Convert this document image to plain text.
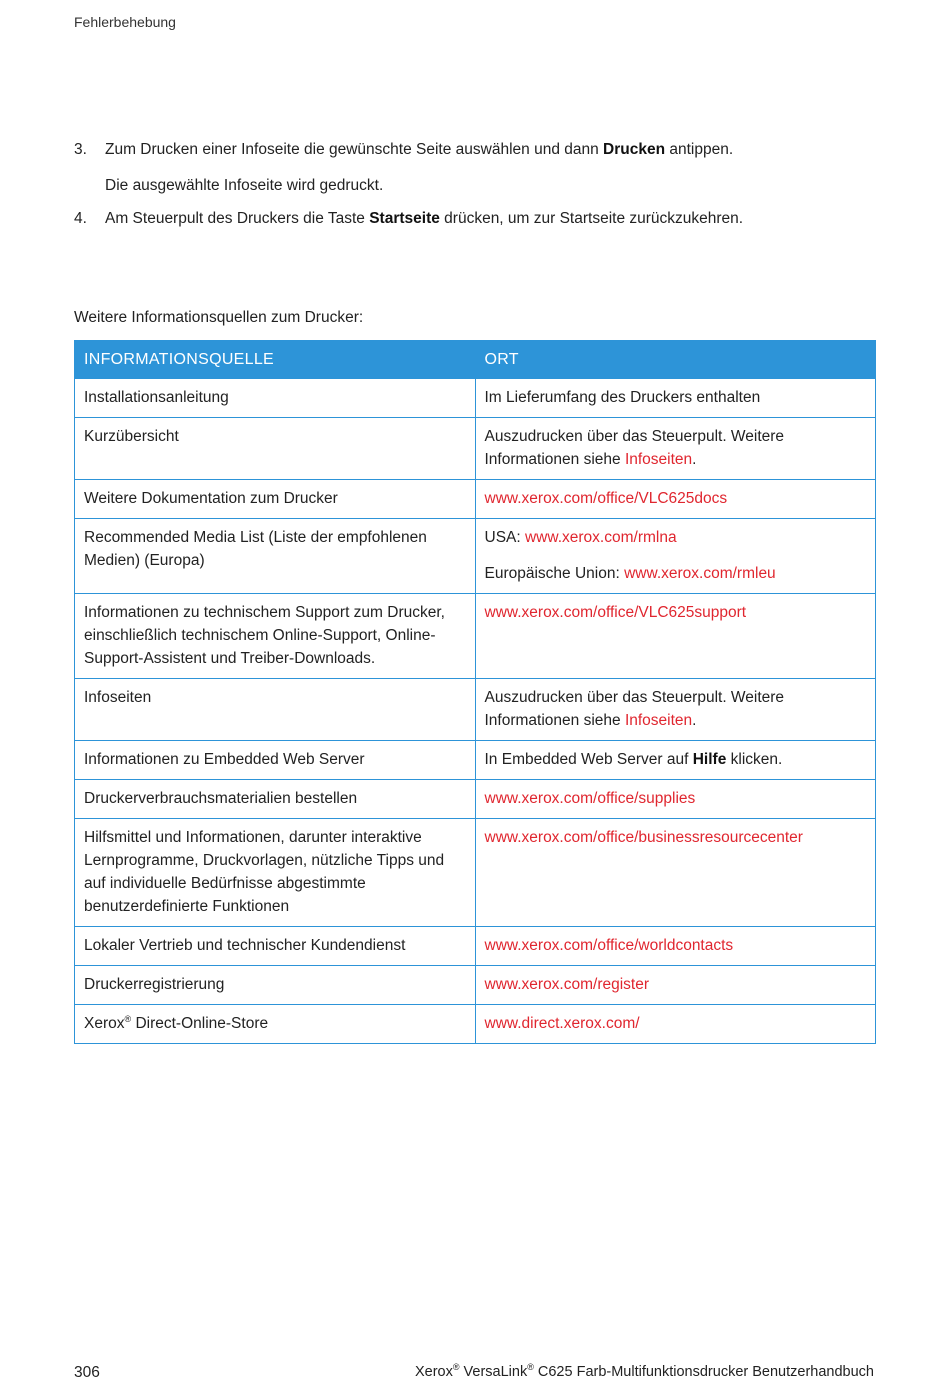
Fehlerbehebung
3.	Zum Drucken einer Infoseite die gewünschte Seite auswählen und dann Drucken antippen.
Die ausgewählte Infoseite wird gedruckt.
4.	Am Steuerpult des Druckers die Taste Startseite drücken, um zur Startseite zurückzukehren.
Weitere Informationsquellen zum Drucker:
INFORMATIONSQUELLE	ORT
Installationsanleitung	Im Lieferumfang des Druckers enthalten
Kurzübersicht	Auszudrucken über das Steuerpult. Weitere Informationen siehe Infoseiten.
Weitere Dokumentation zum Drucker	www.xerox.com/office/VLC625docs
Recommended Media List (Liste der empfohlenen Medien) (Europa)	USA: www.xerox.com/rmlna
Europäische Union: www.xerox.com/rmleu
Informationen zu technischem Support zum Drucker, einschließlich technischem Online-Support, Online-Support-Assistent und Treiber-Downloads.	www.xerox.com/office/VLC625support
Infoseiten	Auszudrucken über das Steuerpult. Weitere Informationen siehe Infoseiten.
Informationen zu Embedded Web Server	In Embedded Web Server auf Hilfe klicken.
Druckerverbrauchsmaterialien bestellen	www.xerox.com/office/supplies
Hilfsmittel und Informationen, darunter interaktive Lernprogramme, Druckvorlagen, nützliche Tipps und auf individuelle Bedürfnisse abgestimmte benutzerdefinierte Funktionen	www.xerox.com/office/businessresourcecenter
Lokaler Vertrieb und technischer Kundendienst	www.xerox.com/office/worldcontacts
Druckerregistrierung	www.xerox.com/register
Xerox® Direct-Online-Store	www.direct.xerox.com/
306	Xerox® VersaLink® C625 Farb-Multifunktionsdrucker Benutzerhandbuch
